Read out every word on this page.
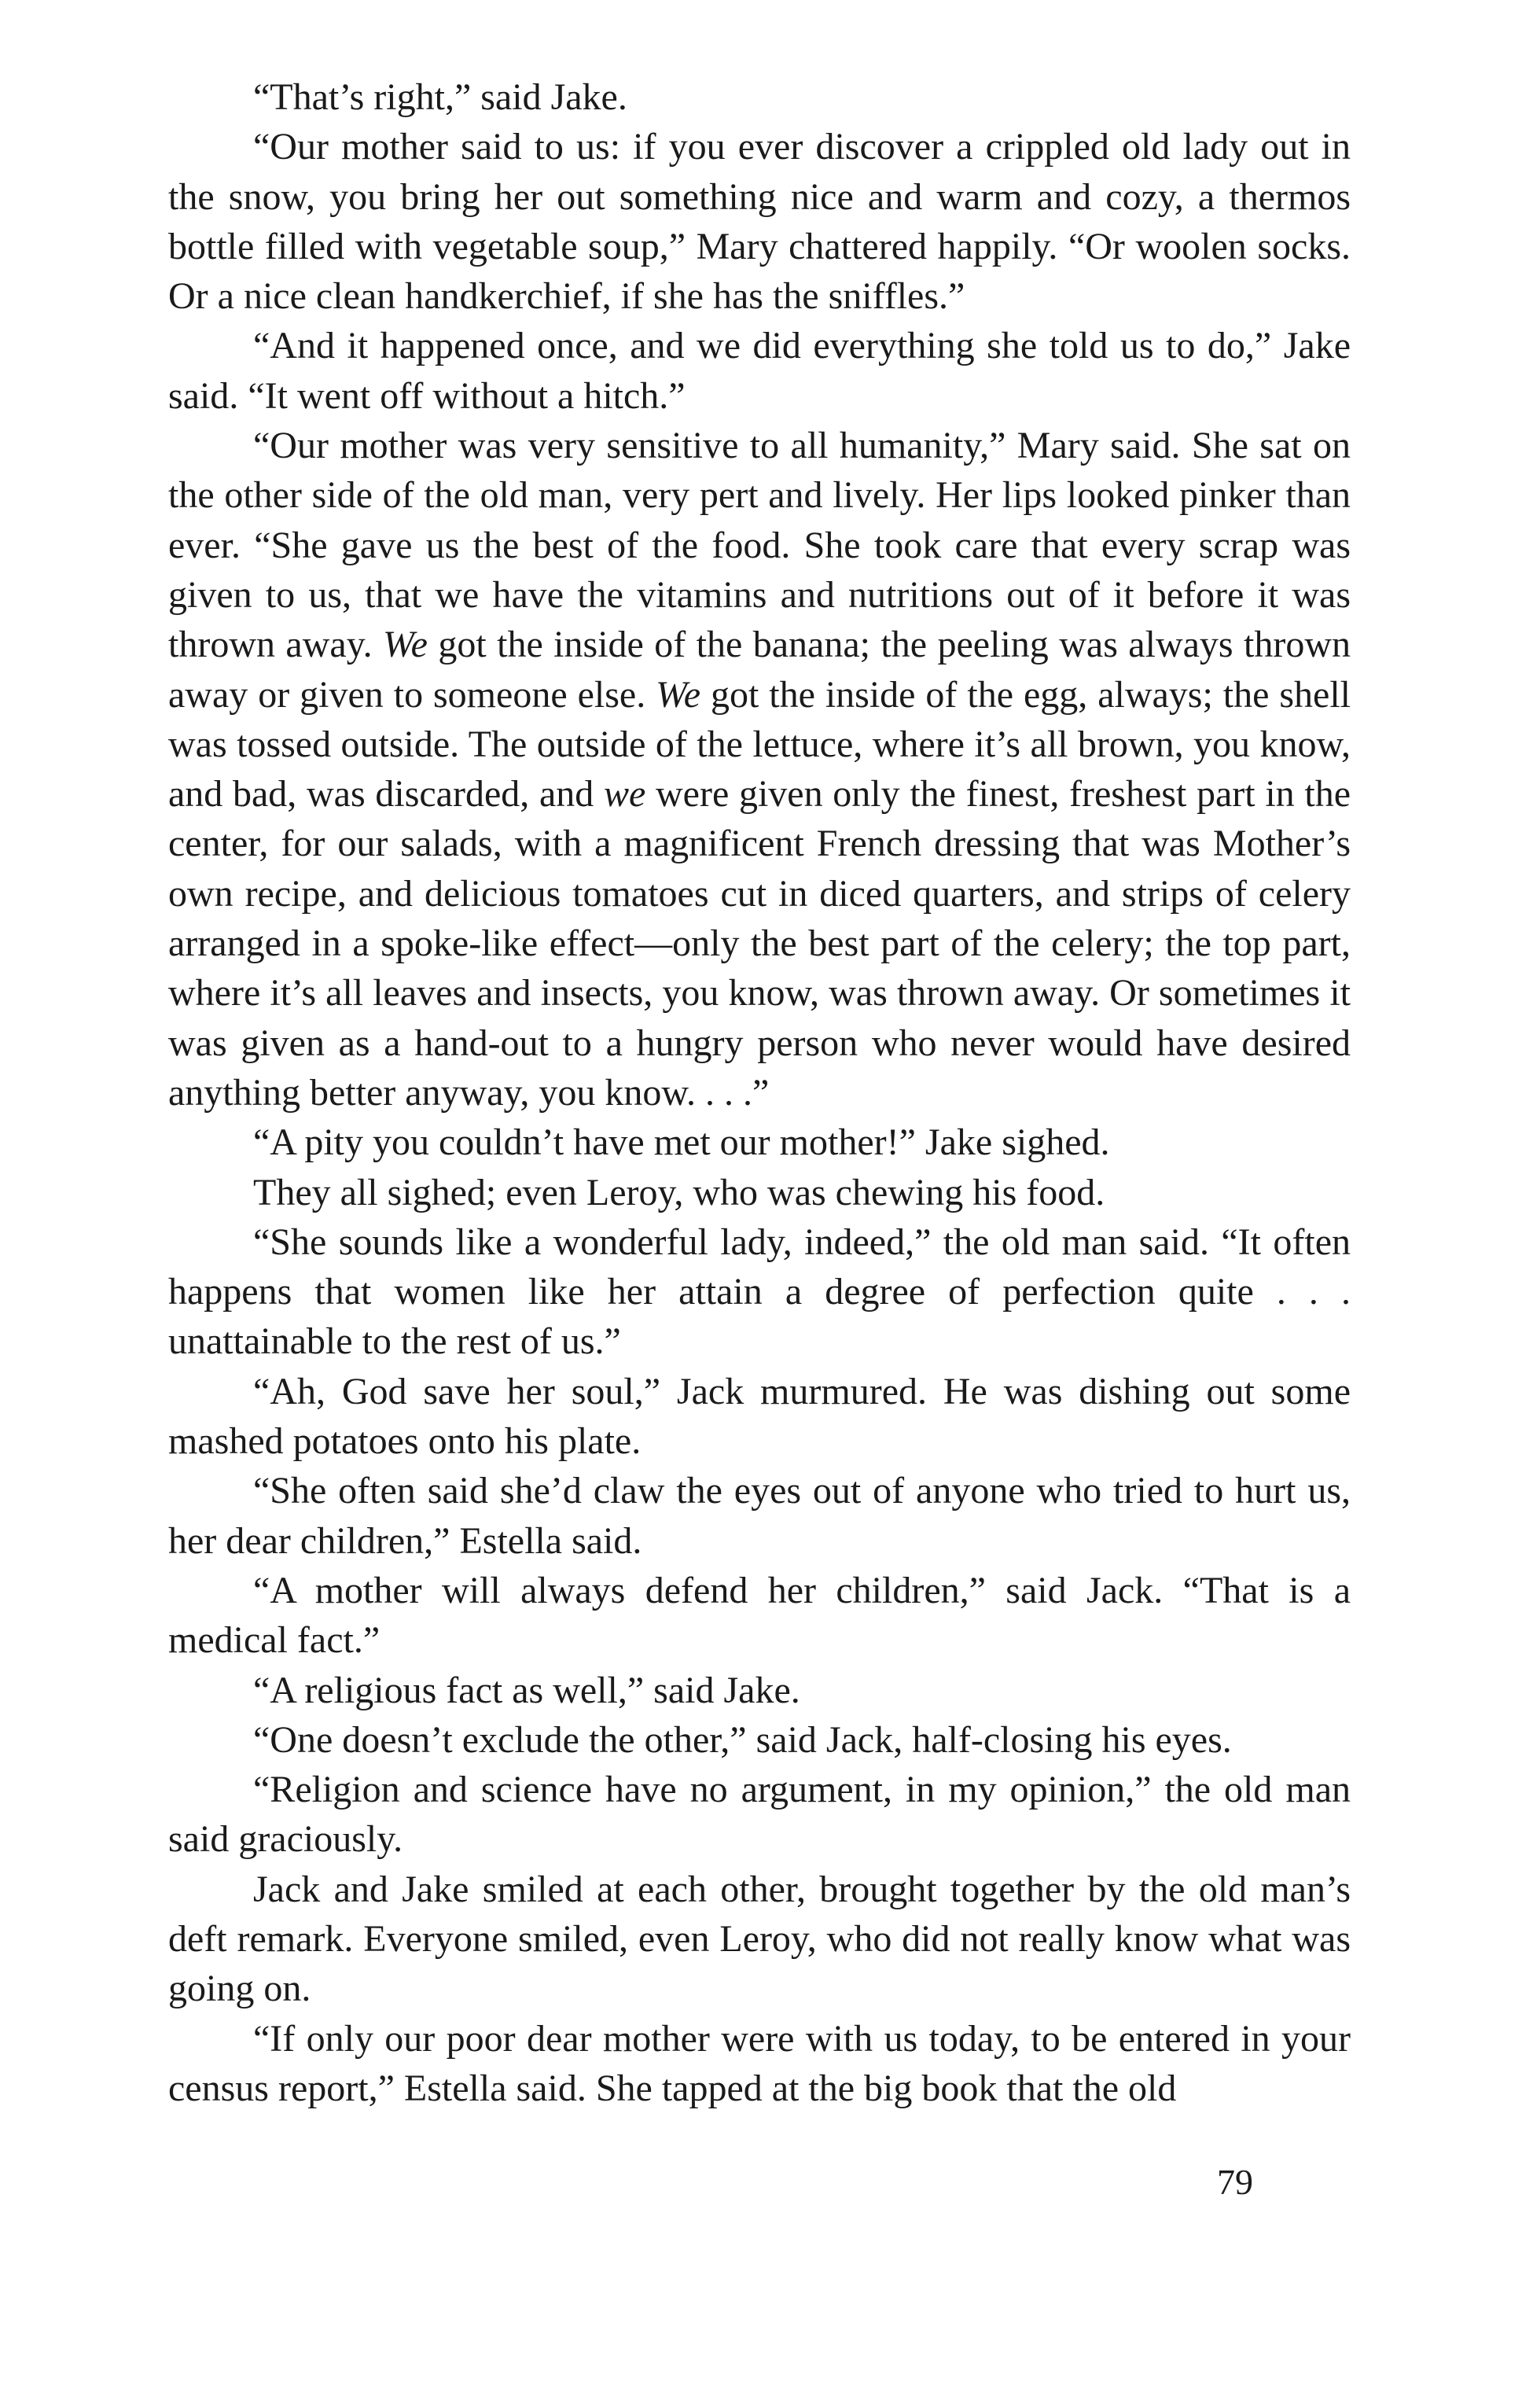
“That’s right,” said Jake.

“Our mother said to us: if you ever discover a crippled old lady out in the snow, you bring her out something nice and warm and cozy, a thermos bottle filled with vegetable soup,” Mary chattered happily. “Or woolen socks. Or a nice clean handkerchief, if she has the sniffles.”

“And it happened once, and we did everything she told us to do,” Jake said. “It went off without a hitch.”

“Our mother was very sensitive to all humanity,” Mary said. She sat on the other side of the old man, very pert and lively. Her lips looked pinker than ever. “She gave us the best of the food. She took care that every scrap was given to us, that we have the vitamins and nutritions out of it before it was thrown away. We got the inside of the banana; the peeling was always thrown away or given to someone else. We got the inside of the egg, always; the shell was tossed outside. The outside of the lettuce, where it’s all brown, you know, and bad, was discarded, and we were given only the finest, freshest part in the center, for our salads, with a magnificent French dressing that was Mother’s own recipe, and delicious tomatoes cut in diced quarters, and strips of celery arranged in a spoke-like effect—only the best part of the celery; the top part, where it’s all leaves and insects, you know, was thrown away. Or sometimes it was given as a hand-out to a hungry person who never would have desired anything better anyway, you know. . . .”

“A pity you couldn’t have met our mother!” Jake sighed.

They all sighed; even Leroy, who was chewing his food.

“She sounds like a wonderful lady, indeed,” the old man said. “It often happens that women like her attain a degree of perfection quite . . . unattainable to the rest of us.”

“Ah, God save her soul,” Jack murmured. He was dishing out some mashed potatoes onto his plate.

“She often said she’d claw the eyes out of anyone who tried to hurt us, her dear children,” Estella said.

“A mother will always defend her children,” said Jack. “That is a medical fact.”

“A religious fact as well,” said Jake.

“One doesn’t exclude the other,” said Jack, half-closing his eyes.

“Religion and science have no argument, in my opinion,” the old man said graciously.

Jack and Jake smiled at each other, brought together by the old man’s deft remark. Everyone smiled, even Leroy, who did not really know what was going on.

“If only our poor dear mother were with us today, to be entered in your census report,” Estella said. She tapped at the big book that the old

79
